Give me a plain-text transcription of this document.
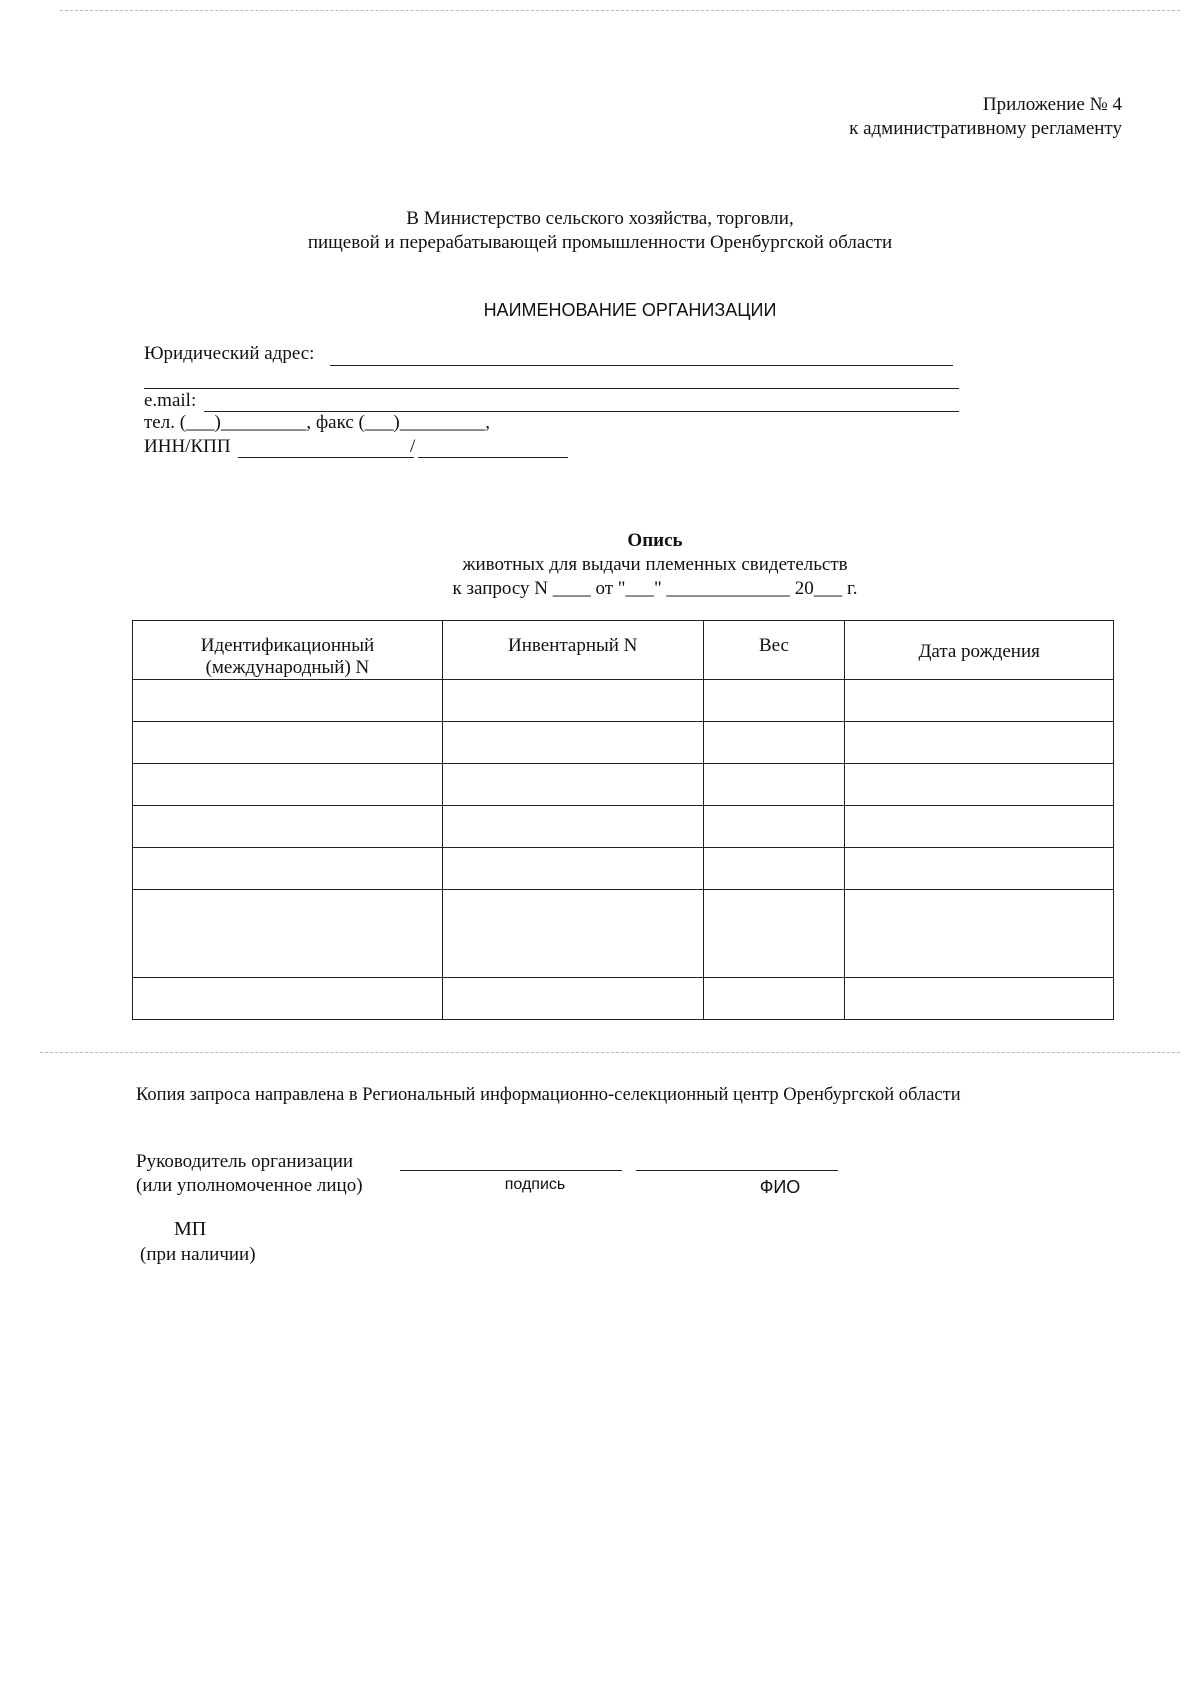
Приложение № 4
к административному регламенту
В Министерство сельского хозяйства, торговли,
пищевой и перерабатывающей промышленности Оренбургской области
НАИМЕНОВАНИЕ ОРГАНИЗАЦИИ
Юридический адрес:
e.mail:
тел. (___)_________, факс (___)_________,
ИНН/КПП	/
Опись
животных для выдачи племенных свидетельств
к запросу N ____ от "___" _____________ 20___ г.
Идентификационный (международный) N	Инвентарный N	Вес	Дата рождения

Копия запроса направлена в Региональный информационно-селекционный центр Оренбургской области
Руководитель организации
(или уполномоченное лицо)	подпись	ФИО
МП
(при наличии)
